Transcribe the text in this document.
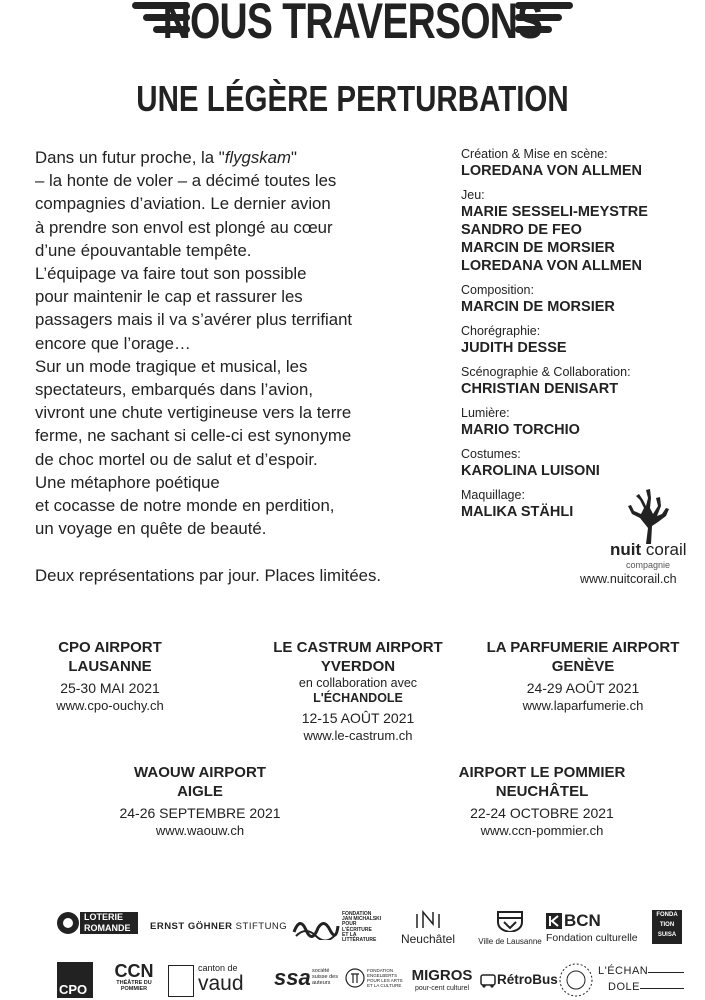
NOUS TRAVERSONS
UNE LÉGÈRE PERTURBATION

Dans un futur proche, la "flygskam"

– la honte de voler – a décimé toutes les

compagnies d’aviation. Le dernier avion

à prendre son envol est plongé au cœur

d’une épouvantable tempête.

L’équipage va faire tout son possible

pour maintenir le cap et rassurer les

passagers mais il va s’avérer plus terrifiant

encore que l’orage…

Sur un mode tragique et musical, les

spectateurs, embarqués dans l’avion,

vivront une chute vertigineuse vers la terre

ferme, ne sachant si celle-ci est synonyme

de choc mortel ou de salut et d’espoir.

Une métaphore poétique

et cocasse de notre monde en perdition,

un voyage en quête de beauté.

Deux représentations par jour. Places limitées.
Création & Mise en scène:
LOREDANA VON ALLMEN
Jeu:
MARIE SESSELI-MEYSTRE
SANDRO DE FEO
MARCIN DE MORSIER
LOREDANA VON ALLMEN
Composition:
MARCIN DE MORSIER
Chorégraphie:
JUDITH DESSE
Scénographie & Collaboration:
CHRISTIAN DENISART
Lumière:
MARIO TORCHIO
Costumes:
KAROLINA LUISONI
Maquillage:
MALIKA STÄHLI
nuit corail
compagnie
www.nuitcorail.ch
CPO AIRPORT
LAUSANNE
25-30 MAI 2021
www.cpo-ouchy.ch
LE CASTRUM AIRPORT
YVERDON
en collaboration avec
L'ÉCHANDOLE
12-15 AOÛT 2021
www.le-castrum.ch
LA PARFUMERIE AIRPORT
GENÈVE
24-29 AOÛT 2021
www.laparfumerie.ch
WAOUW AIRPORT
AIGLE
24-26 SEPTEMBRE 2021
www.waouw.ch
AIRPORT LE POMMIER
NEUCHÂTEL
22-24 OCTOBRE 2021
www.ccn-pommier.ch
LOTERIE
ROMANDE	ERNST GÖHNER STIFTUNG
FONDATION
JAN MICHALSKI
POUR
L'ÉCRITURE
ET LA
LITTÉRATURE	Neuchâtel	Ville de Lausanne
BCN
Fondation culturelle
FONDA
TION
SUISA
CPO
CCN
THÉÂTRE DU
POMMIER
canton de
vaud	ssa société
suisse des
auteurs
FONDATION
ENGELBERTS
POUR LES ARTS
ET LA CULTURE
MIGROS
pour-cent culturel
RétroBus
L'ÉCHAN
DOLE
